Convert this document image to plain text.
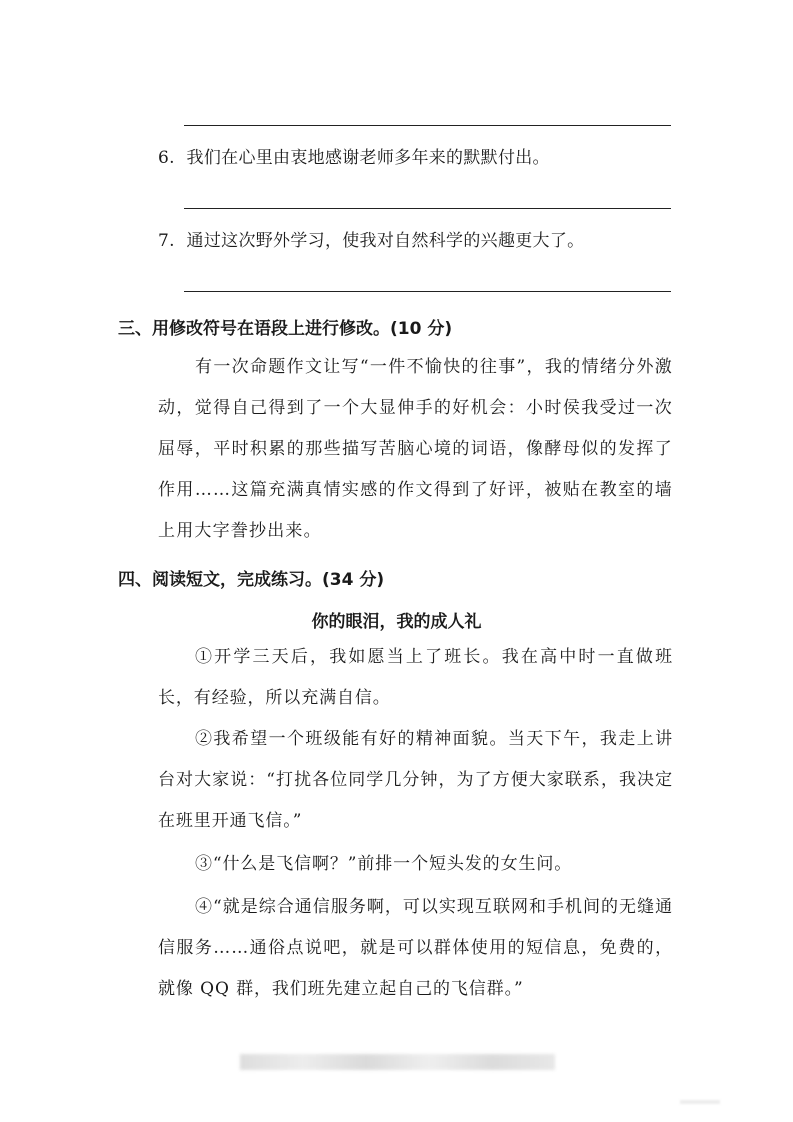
6. 我们在心里由衷地感谢老师多年来的默默付出。
7. 通过这次野外学习，使我对自然科学的兴趣更大了。
三、用修改符号在语段上进行修改。(10 分)
有一次命题作文让写“一件不愉快的往事”，我的情绪分外激动，觉得自己得到了一个大显伸手的好机会：小时侯我受过一次屈辱，平时积累的那些描写苦脑心境的词语，像酵母似的发挥了作用……这篇充满真情实感的作文得到了好评，被贴在教室的墙上用大字誊抄出来。
四、阅读短文，完成练习。(34 分)
你的眼泪，我的成人礼
①开学三天后，我如愿当上了班长。我在高中时一直做班长，有经验，所以充满自信。
②我希望一个班级能有好的精神面貌。当天下午，我走上讲台对大家说：“打扰各位同学几分钟，为了方便大家联系，我决定在班里开通飞信。”
③“什么是飞信啊？”前排一个短头发的女生问。
④“就是综合通信服务啊，可以实现互联网和手机间的无缝通信服务……通俗点说吧，就是可以群体使用的短信息，免费的，就像 QQ 群，我们班先建立起自己的飞信群。”
